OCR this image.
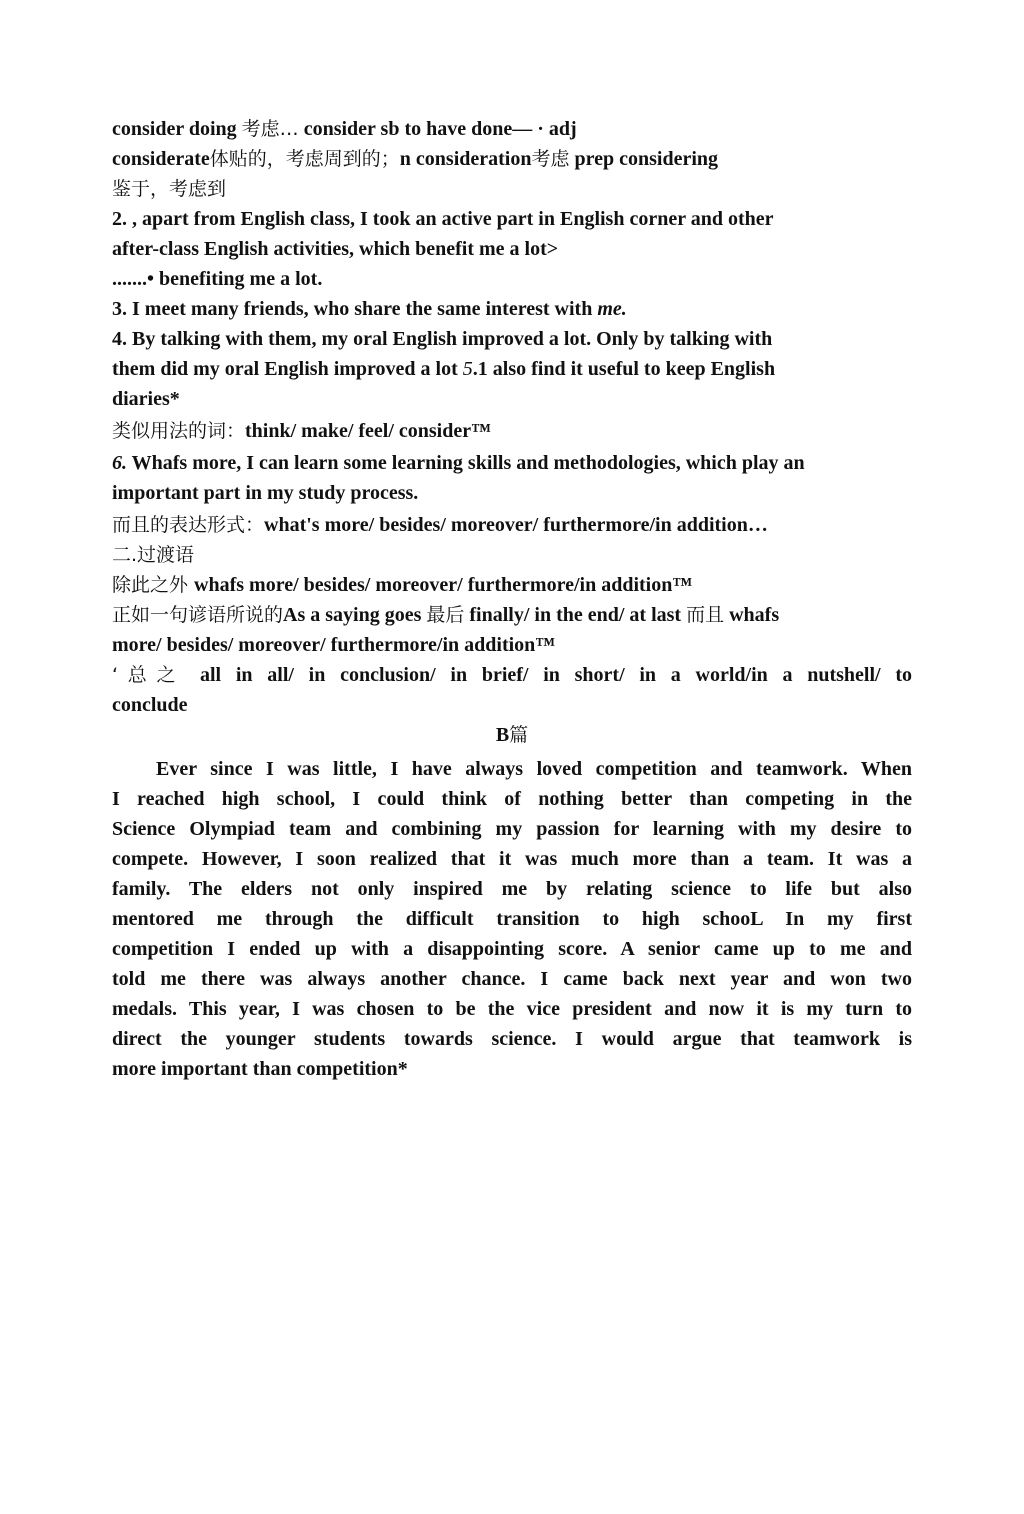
consider doing 考虑… consider sb to have done— · adj
considerate体贴的，考虑周到的；n consideration考虑 prep considering
鉴于，考虑到
2. , apart from English class, I took an active part in English corner and other
after-class English activities, which benefit me a lot>
.......• benefiting me a lot.
3. I meet many friends, who share the same interest with me.
4. By talking with them, my oral English improved a lot. Only by talking with
them did my oral English improved a lot 5.1 also find it useful to keep English
diaries*
类似用法的词：think/ make/ feel/ consider™
6. Whafs more, I can learn some learning skills and methodologies, which play an
important part in my study process.
而且的表达形式：what's more/ besides/ moreover/ furthermore/in addition…
二.过渡语
除此之外 whafs more/ besides/ moreover/ furthermore/in addition™
正如一句谚语所说的As a saying goes 最后 finally/ in the end/ at last 而且 whafs
more/ besides/ moreover/ furthermore/in addition™
‘总之 all in all/ in conclusion/ in brief/ in short/ in a world/in a nutshell/ to
conclude
B篇
Ever since I was little, I have always loved competition and teamwork. When
I reached high school, I could think of nothing better than competing in the
Science Olympiad team and combining my passion for learning with my desire to
compete. However, I soon realized that it was much more than a team. It was a
family. The elders not only inspired me by relating science to life but also
mentored me through the difficult transition to high schooL In my first
competition I ended up with a disappointing score. A senior came up to me and
told me there was always another chance. I came back next year and won two
medals. This year, I was chosen to be the vice president and now it is my turn to
direct the younger students towards science. I would argue that teamwork is
more important than competition*
